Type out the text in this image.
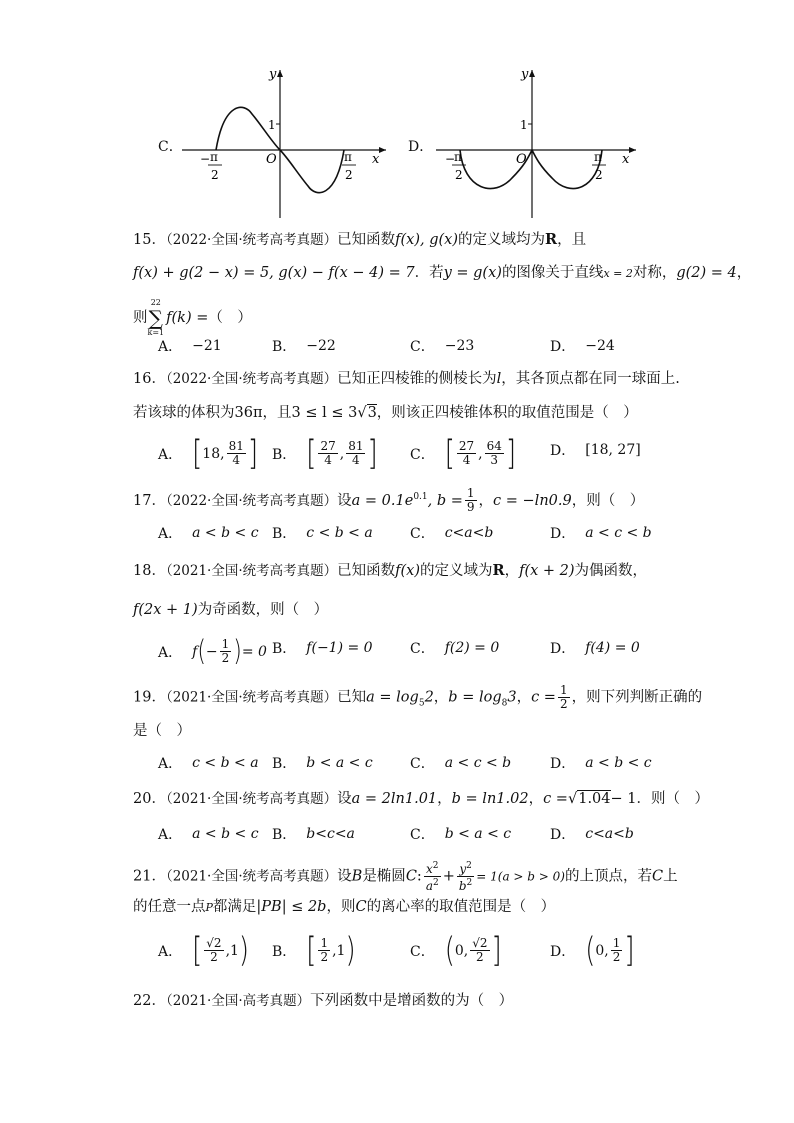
C．
y
1
O	x
− π
2
π
2
D．
y
1
O	x
−
π
2
π
2
15．（2022·全国·统考高考真题）已知函数f(x), g(x)的定义域均为R，且
f(x) + g(2 − x) = 5, g(x) − f(x − 4) = 7．若y = g(x)的图像关于直线x = 2对称，g(2) = 4，
则
22
∑
k=1
f(k) =（　）
A． −21	B． −22	C． −23	D． −24
16．（2022·全国·统考高考真题）已知正四棱锥的侧棱长为l，其各顶点都在同一球面上.
若该球的体积为36π，且3 ≤ l ≤ 3√3，则该正四棱锥体积的取值范围是（　）
A． [ 18 , $\frac{81}{4}$ ] B． [ $\frac{27}{4}$ , $\frac{81}{4}$ ] C． [ $\frac{27}{4}$ , $\frac{64}{3}$ ] D． [18, 27]
17．（2022·全国·统考高考真题）设$a = 0.1e^{0.1}$, $b = \frac{1}{9}$ ，c = −ln0.9，则（　）
A． a < b < c B． c < b < a	C． c<a<b	D． a < c < b
18．（2021·全国·统考高考真题）已知函数f(x)的定义域为R，f(x + 2)为偶函数，
f(2x + 1)为奇函数，则（　）
A． f ( − $\frac{1}{2}$ ) = 0 B． f(−1) = 0	C． f(2) = 0	D． f(4) = 0
19．（2021·全国·统考高考真题）已知$a = \log_52$，$b = \log_83$，$c = \frac{1}{2}$ ，则下列判断正确的
是（　）
A． c < b < a B． b < a < c	C． a < c < b	D． a < b < c
20．（2021·全国·统考高考真题）设a = 2ln1.01，b = ln1.02，c =√1.04− 1．则（　）
A． a < b < c B． b<c<a	C． b < a < c	D． c<a<b
21．（2021·全国·统考高考真题）设B是椭圆C: $\frac{x^2}{a^2} + \frac{y^2}{b^2} = 1(a > b > 0)$的上顶点，若C上
的任意一点P都满足|PB| ≤ 2b，则C的离心率的取值范围是（　）
A． [ $\frac{√2}{2} ,1$ ) B． [ $\frac{1}{2} ,1$ )	C． ( 0, $\frac{√2}{2}$ ]	D． ( 0, $\frac{1}{2}$ ]
22．（2021·全国·高考真题）下列函数中是增函数的为（　）
